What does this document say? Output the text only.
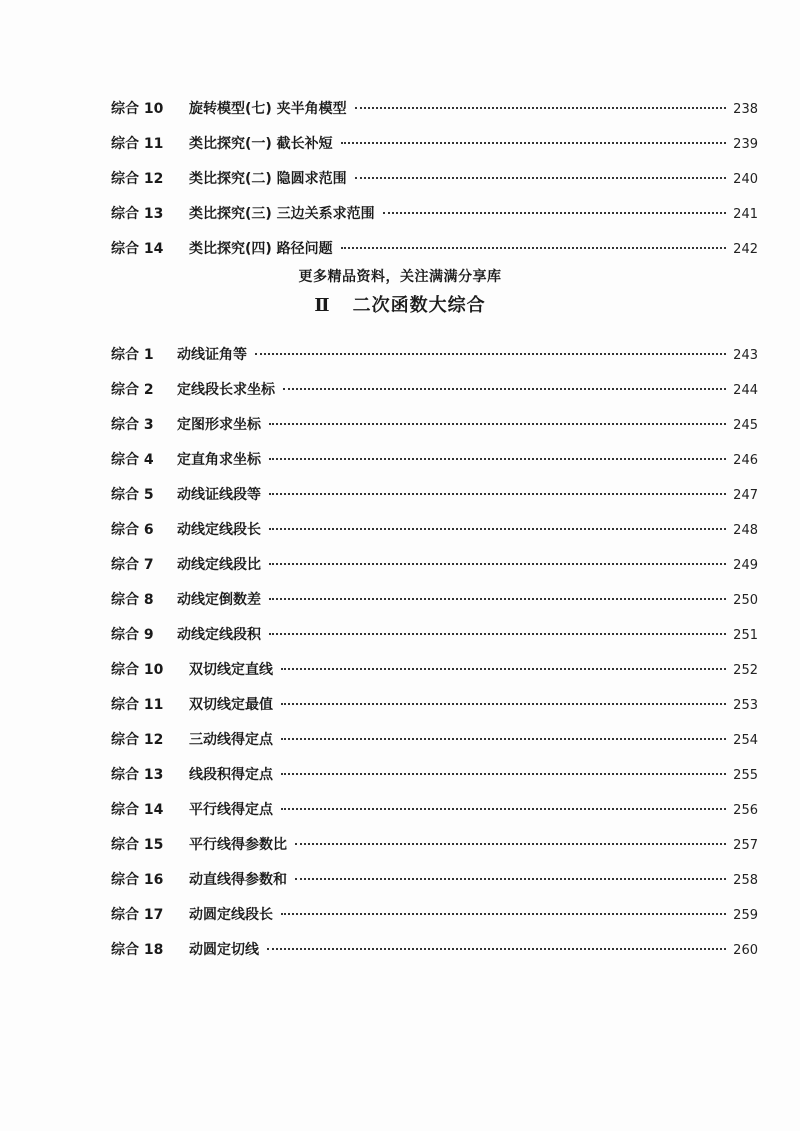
综合 10	旋转模型(七) 夹半角模型	238
综合 11	类比探究(一) 截长补短	239
综合 12	类比探究(二) 隐圆求范围	240
综合 13	类比探究(三) 三边关系求范围	241
综合 14	类比探究(四) 路径问题	242
更多精品资料，关注满满分享库
Ⅱ 二次函数大综合
综合 1	动线证角等	243
综合 2	定线段长求坐标	244
综合 3	定图形求坐标	245
综合 4	定直角求坐标	246
综合 5	动线证线段等	247
综合 6	动线定线段长	248
综合 7	动线定线段比	249
综合 8	动线定倒数差	250
综合 9	动线定线段积	251
综合 10	双切线定直线	252
综合 11	双切线定最值	253
综合 12	三动线得定点	254
综合 13	线段积得定点	255
综合 14	平行线得定点	256
综合 15	平行线得参数比	257
综合 16	动直线得参数和	258
综合 17	动圆定线段长	259
综合 18	动圆定切线	260
